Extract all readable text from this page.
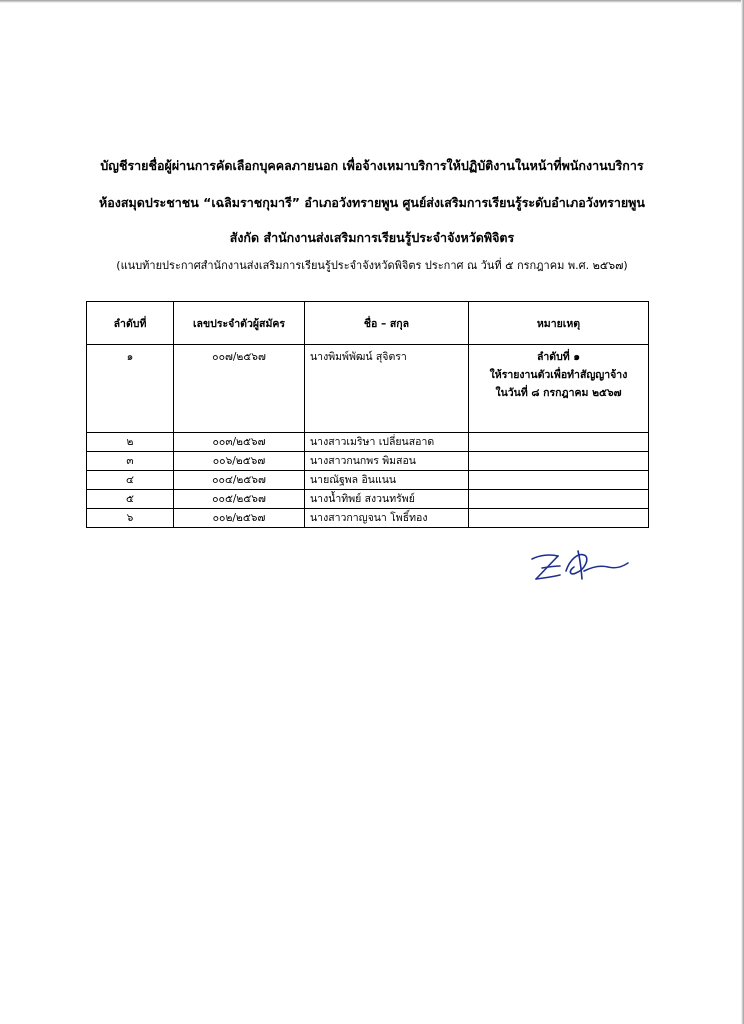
บัญชีรายชื่อผู้ผ่านการคัดเลือกบุคคลภายนอก เพื่อจ้างเหมาบริการให้ปฏิบัติงานในหน้าที่พนักงานบริการ
ห้องสมุดประชาชน “เฉลิมราชกุมารี” อำเภอวังทรายพูน ศูนย์ส่งเสริมการเรียนรู้ระดับอำเภอวังทรายพูน
สังกัด สำนักงานส่งเสริมการเรียนรู้ประจำจังหวัดพิจิตร
(แนบท้ายประกาศสำนักงานส่งเสริมการเรียนรู้ประจำจังหวัดพิจิตร ประกาศ ณ วันที่ ๕ กรกฎาคม พ.ศ. ๒๕๖๗)
ลำดับที่	เลขประจำตัวผู้สมัคร	ชื่อ – สกุล	หมายเหตุ
๑	๐๐๗/๒๕๖๗	นางพิมพ์พัฒน์ สุจิตรา	ลำดับที่ ๑
ให้รายงานตัวเพื่อทำสัญญาจ้าง
ในวันที่ ๘ กรกฎาคม ๒๕๖๗

๒	๐๐๓/๒๕๖๗	นางสาวเมริษา เปลี่ยนสอาด	
๓	๐๐๖/๒๕๖๗	นางสาวกนกพร พิมสอน	
๔	๐๐๔/๒๕๖๗	นายณัฐพล อินแนน	
๕	๐๐๕/๒๕๖๗	นางน้ำทิพย์ สงวนทรัพย์	
๖	๐๐๒/๒๕๖๗	นางสาวกาญจนา โพธิ์ทอง	
